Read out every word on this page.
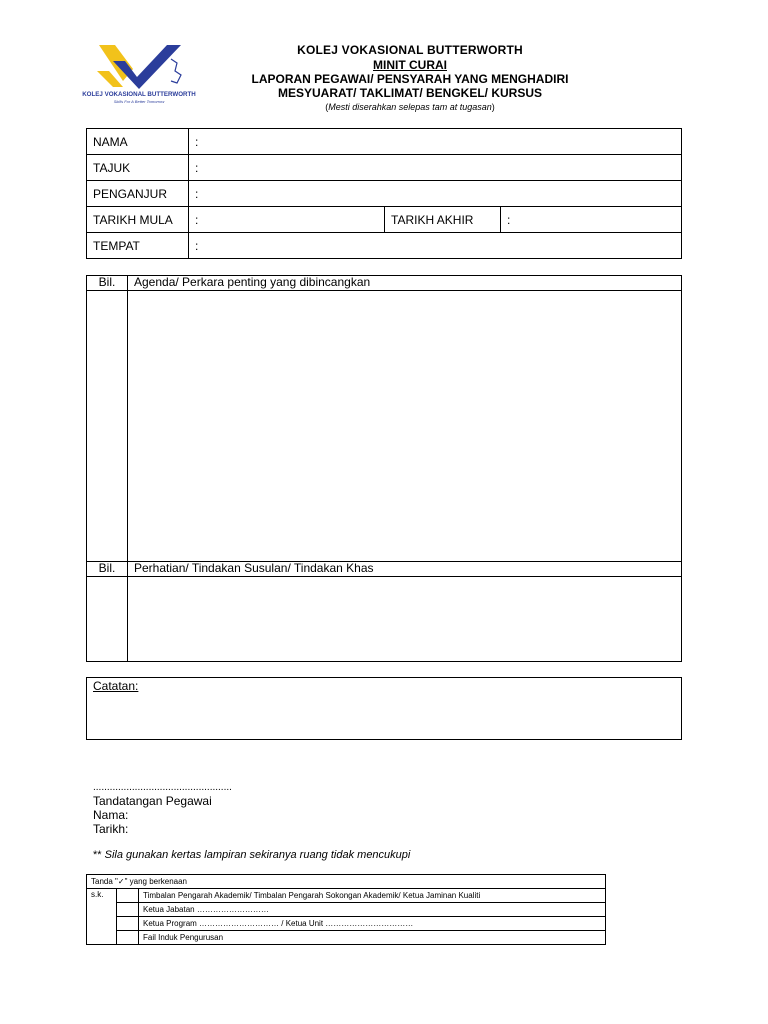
KOLEJ VOKASIONAL BUTTERWORTH
Skills For A Better Tomorrow
KOLEJ VOKASIONAL BUTTERWORTH
MINIT CURAI
LAPORAN PEGAWAI/ PENSYARAH YANG MENGHADIRI
MESYUARAT/ TAKLIMAT/ BENGKEL/ KURSUS
(Mesti diserahkan selepas tam at tugasan)
NAMA	:		
TAJUK	:		
PENGANJUR	:		
TARIKH MULA	:	TARIKH AKHIR	:
TEMPAT	:		
Bil.	Agenda/ Perkara penting yang dibincangkan

Bil.	Perhatian/ Tindakan Susulan/ Tindakan Khas

Catatan:
..................................................
Tandatangan Pegawai
Nama:
Tarikh:
** Sila gunakan kertas lampiran sekiranya ruang tidak mencukupi
Tanda "✓" yang berkenaan		
s.k.		Timbalan Pengarah Akademik/ Timbalan Pengarah Sokongan Akademik/ Ketua Jaminan Kualiti
		Ketua Jabatan ………………………
		Ketua Program ………………………… / Ketua Unit ……………………………
		Fail Induk Pengurusan
